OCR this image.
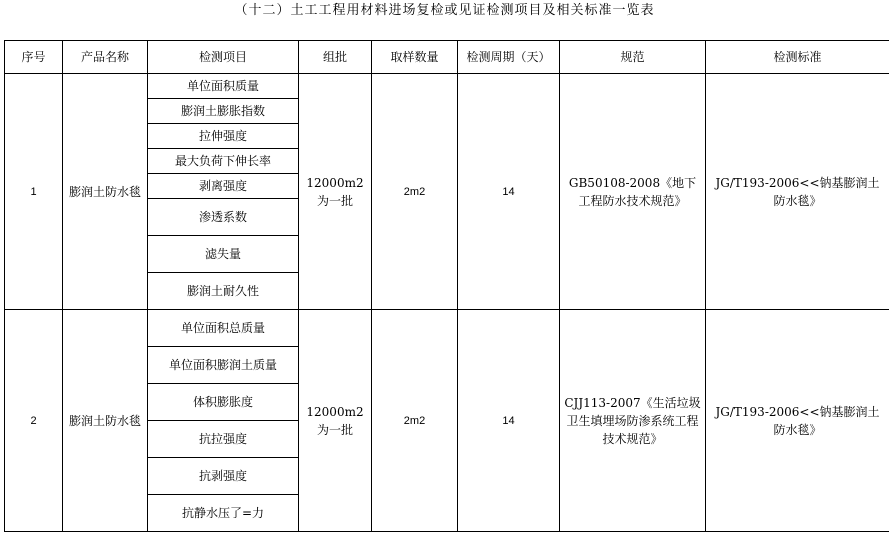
（十二）土工工程用材料进场复检或见证检测项目及相关标准一览表
序号	产品名称	检测项目	组批	取样数量	检测周期（天）	规范	检测标准
1	膨润土防水毯	单位面积质量	12000m2为一批	2m2	14	GB50108-2008《地下工程防水技术规范》	JG/T193-2006<<钠基膨润土防水毯》
		膨润土膨胀指数					
		拉伸强度					
		最大负荷下伸长率					
		剥离强度					
		渗透系数					
		滤失量					
		膨润土耐久性					
2	膨润土防水毯	单位面积总质量	12000m2为一批	2m2	14	CJJ113-2007《生活垃圾卫生填埋场防渗系统工程技术规范》	JG/T193-2006<<钠基膨润土防水毯》
		单位面积膨润土质量					
		体积膨胀度					
		抗拉强度					
		抗剥强度					
		抗静水压了=力					
